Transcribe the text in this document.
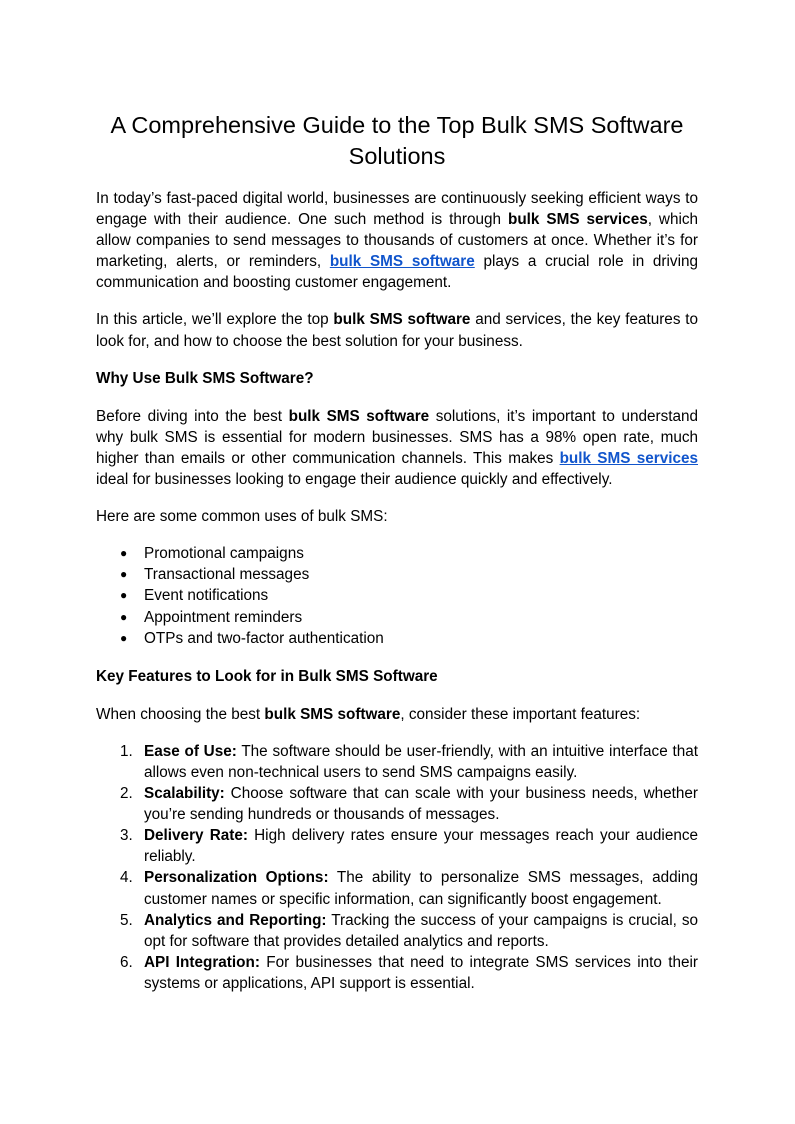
A Comprehensive Guide to the Top Bulk SMS Software Solutions

In today’s fast-paced digital world, businesses are continuously seeking efficient ways to engage with their audience. One such method is through bulk SMS services, which allow companies to send messages to thousands of customers at once. Whether it’s for marketing, alerts, or reminders, bulk SMS software plays a crucial role in driving communication and boosting customer engagement.

In this article, we’ll explore the top bulk SMS software and services, the key features to look for, and how to choose the best solution for your business.

Why Use Bulk SMS Software?

Before diving into the best bulk SMS software solutions, it’s important to understand why bulk SMS is essential for modern businesses. SMS has a 98% open rate, much higher than emails or other communication channels. This makes bulk SMS services ideal for businesses looking to engage their audience quickly and effectively.

Here are some common uses of bulk SMS:

● Promotional campaigns
● Transactional messages
● Event notifications
● Appointment reminders
● OTPs and two-factor authentication
Key Features to Look for in Bulk SMS Software

When choosing the best bulk SMS software, consider these important features:

1. Ease of Use: The software should be user-friendly, with an intuitive interface that allows even non-technical users to send SMS campaigns easily.
2. Scalability: Choose software that can scale with your business needs, whether you’re sending hundreds or thousands of messages.
3. Delivery Rate: High delivery rates ensure your messages reach your audience reliably.
4. Personalization Options: The ability to personalize SMS messages, adding customer names or specific information, can significantly boost engagement.
5. Analytics and Reporting: Tracking the success of your campaigns is crucial, so opt for software that provides detailed analytics and reports.
6. API Integration: For businesses that need to integrate SMS services into their systems or applications, API support is essential.
